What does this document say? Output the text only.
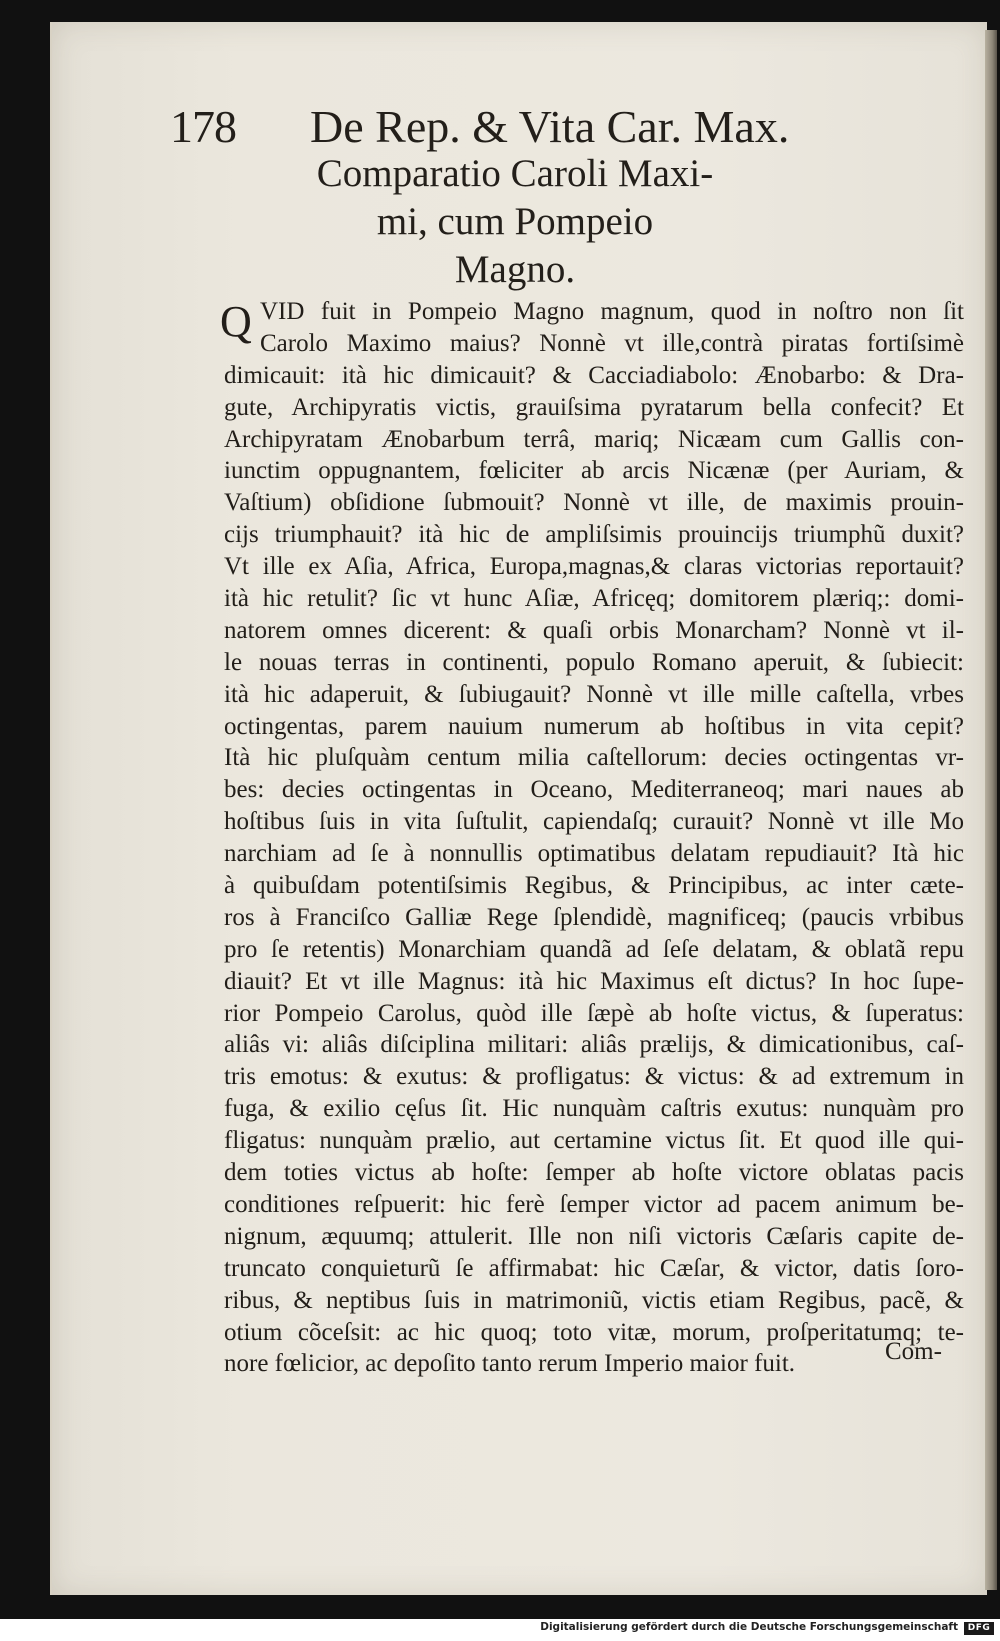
178 De Rep. & Vita Car. Max.
Comparatio Caroli Maxi-
mi, cum Pompeio
Magno.
Q VID fuit in Pompeio Magno magnum, quod in noſtro non ſit
Carolo Maximo maius? Nonnè vt ille,contrà piratas fortiſsimè
dimicauit: ità hic dimicauit? & Cacciadiabolo: Ænobarbo: & Dra-
gute, Archipyratis victis, grauiſsima pyratarum bella confecit? Et
Archipyratam Ænobarbum terrâ, mariq; Nicæam cum Gallis con-
iunctim oppugnantem, fœliciter ab arcis Nicænæ (per Auriam, &
Vaſtium) obſidione ſubmouit? Nonnè vt ille, de maximis prouin-
cijs triumphauit? ità hic de ampliſsimis prouincijs triumphũ duxit?
Vt ille ex Aſia, Africa, Europa,magnas,& claras victorias reportauit?
ità hic retulit? ſic vt hunc Aſiæ, Africęq; domitorem plæriq;: domi-
natorem omnes dicerent: & quaſi orbis Monarcham? Nonnè vt il-
le nouas terras in continenti, populo Romano aperuit, & ſubiecit:
ità hic adaperuit, & ſubiugauit? Nonnè vt ille mille caſtella, vrbes
octingentas, parem nauium numerum ab hoſtibus in vita cepit?
Ità hic pluſquàm centum milia caſtellorum: decies octingentas vr-
bes: decies octingentas in Oceano, Mediterraneoq; mari naues ab
hoſtibus ſuis in vita ſuſtulit, capiendaſq; curauit? Nonnè vt ille Mo
narchiam ad ſe à nonnullis optimatibus delatam repudiauit? Ità hic
à quibuſdam potentiſsimis Regibus, & Principibus, ac inter cæte-
ros à Franciſco Galliæ Rege ſplendidè, magnificeq; (paucis vrbibus
pro ſe retentis) Monarchiam quandã ad ſeſe delatam, & oblatã repu
diauit? Et vt ille Magnus: ità hic Maximus eſt dictus? In hoc ſupe-
rior Pompeio Carolus, quòd ille ſæpè ab hoſte victus, & ſuperatus:
aliâs vi: aliâs diſciplina militari: aliâs prælijs, & dimicationibus, caſ-
tris emotus: & exutus: & profligatus: & victus: & ad extremum in
fuga, & exilio cęſus ſit. Hic nunquàm caſtris exutus: nunquàm pro
fligatus: nunquàm prælio, aut certamine victus ſit. Et quod ille qui-
dem toties victus ab hoſte: ſemper ab hoſte victore oblatas pacis
conditiones reſpuerit: hic ferè ſemper victor ad pacem animum be-
nignum, æquumq; attulerit. Ille non niſi victoris Cæſaris capite de-
truncato conquieturũ ſe affirmabat: hic Cæſar, & victor, datis ſoro-
ribus, & neptibus ſuis in matrimoniũ, victis etiam Regibus, pacẽ, &
otium cõceſsit: ac hic quoq; toto vitæ, morum, proſperitatumq; te-
nore fœlicior, ac depoſito tanto rerum Imperio maior fuit.	Com-
Digitalisierung gefördert durch die Deutsche Forschungsgemeinschaft	DFG
